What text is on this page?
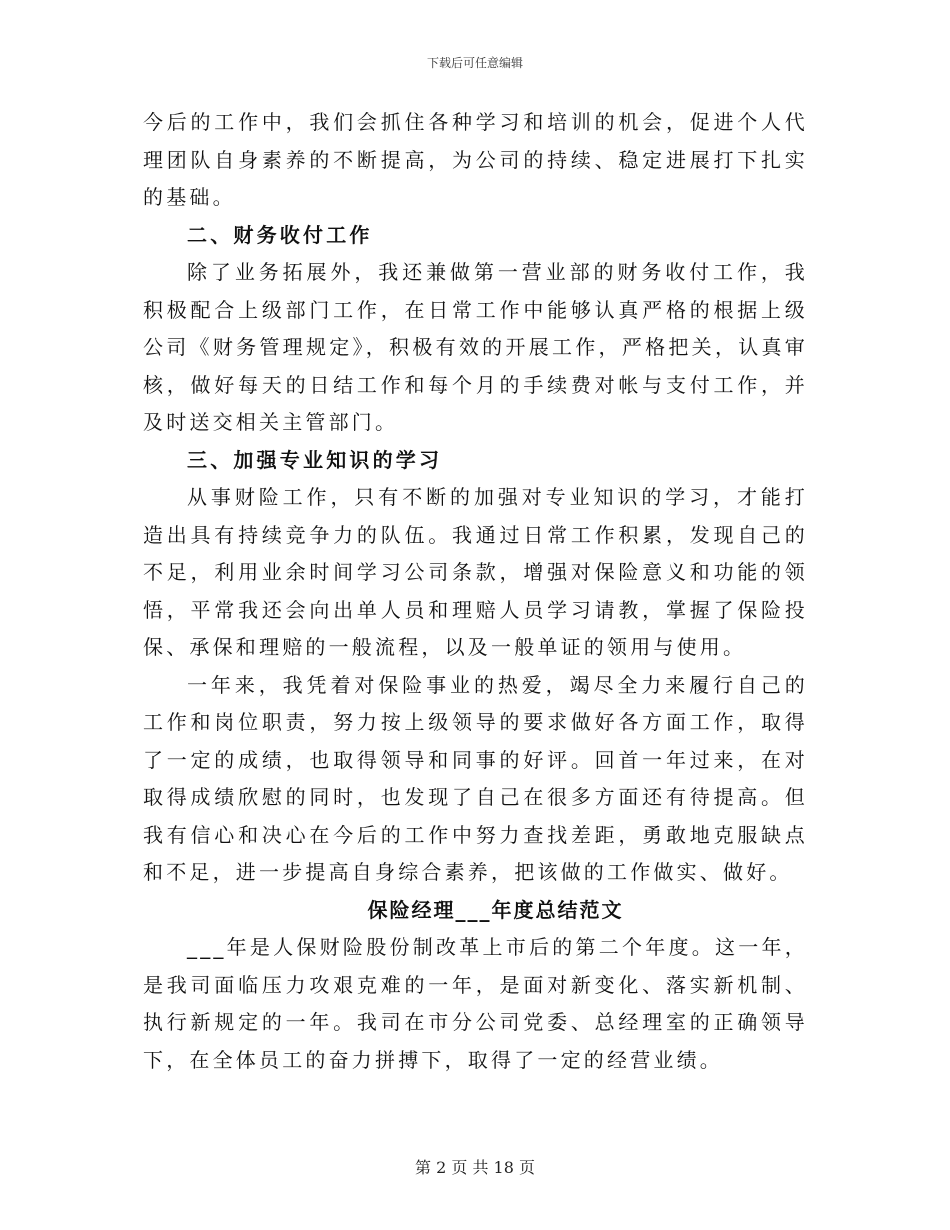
下载后可任意编辑

今后的工作中，我们会抓住各种学习和培训的机会，促进个人代理团队自身素养的不断提高，为公司的持续、稳定进展打下扎实的基础。

二、财务收付工作

除了业务拓展外，我还兼做第一营业部的财务收付工作，我积极配合上级部门工作，在日常工作中能够认真严格的根据上级公司《财务管理规定》，积极有效的开展工作，严格把关，认真审核，做好每天的日结工作和每个月的手续费对帐与支付工作，并及时送交相关主管部门。

三、加强专业知识的学习

从事财险工作，只有不断的加强对专业知识的学习，才能打造出具有持续竞争力的队伍。我通过日常工作积累，发现自己的不足，利用业余时间学习公司条款，增强对保险意义和功能的领悟，平常我还会向出单人员和理赔人员学习请教，掌握了保险投保、承保和理赔的一般流程，以及一般单证的领用与使用。

一年来，我凭着对保险事业的热爱，竭尽全力来履行自己的工作和岗位职责，努力按上级领导的要求做好各方面工作，取得了一定的成绩，也取得领导和同事的好评。回首一年过来，在对取得成绩欣慰的同时，也发现了自己在很多方面还有待提高。但我有信心和决心在今后的工作中努力查找差距，勇敢地克服缺点和不足，进一步提高自身综合素养，把该做的工作做实、做好。

保险经理___年度总结范文

___年是人保财险股份制改革上市后的第二个年度。这一年，是我司面临压力攻艰克难的一年，是面对新变化、落实新机制、执行新规定的一年。我司在市分公司党委、总经理室的正确领导下，在全体员工的奋力拼搏下，取得了一定的经营业绩。

第 2 页 共 18 页
